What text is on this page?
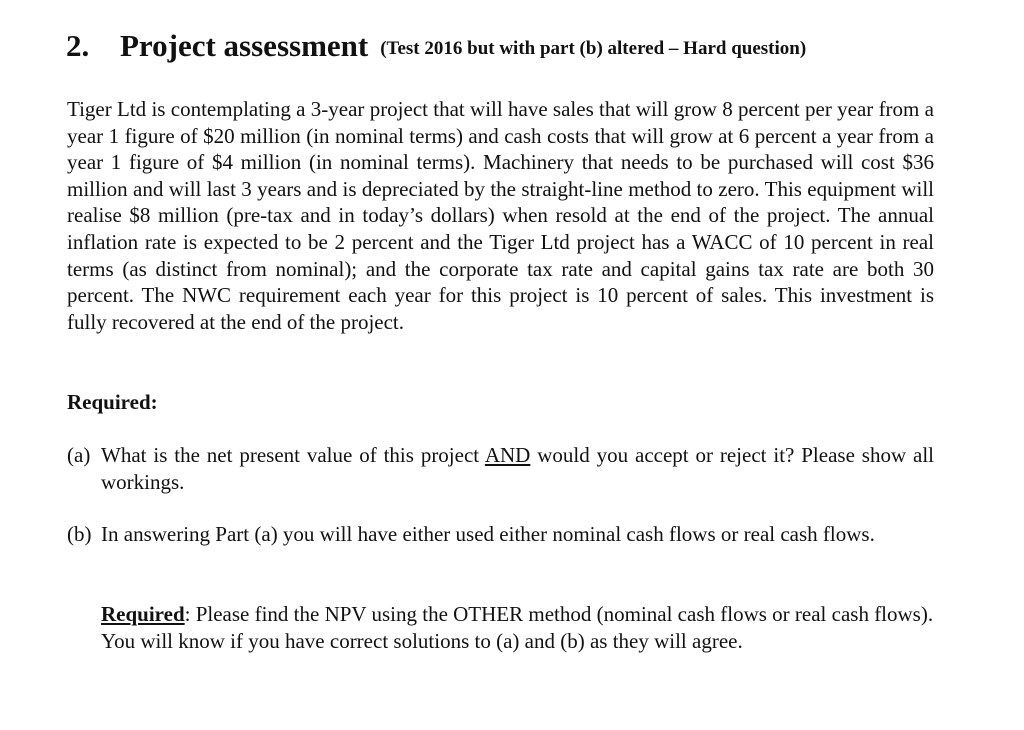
2. Project assessment (Test 2016 but with part (b) altered – Hard question)

Tiger Ltd is contemplating a 3-year project that will have sales that will grow 8 percent per year from a year 1 figure of $20 million (in nominal terms) and cash costs that will grow at 6 percent a year from a year 1 figure of $4 million (in nominal terms). Machinery that needs to be purchased will cost $36 million and will last 3 years and is depreciated by the straight-line method to zero. This equipment will realise $8 million (pre-tax and in today’s dollars) when resold at the end of the project. The annual inflation rate is expected to be 2 percent and the Tiger Ltd project has a WACC of 10 percent in real terms (as distinct from nominal); and the corporate tax rate and capital gains tax rate are both 30 percent. The NWC requirement each year for this project is 10 percent of sales. This investment is fully recovered at the end of the project.

Required:

(a) What is the net present value of this project AND would you accept or reject it? Please show all workings.
(b) In answering Part (a) you will have either used either nominal cash flows or real cash flows.

Required: Please find the NPV using the OTHER method (nominal cash flows or real cash flows). You will know if you have correct solutions to (a) and (b) as they will agree.
